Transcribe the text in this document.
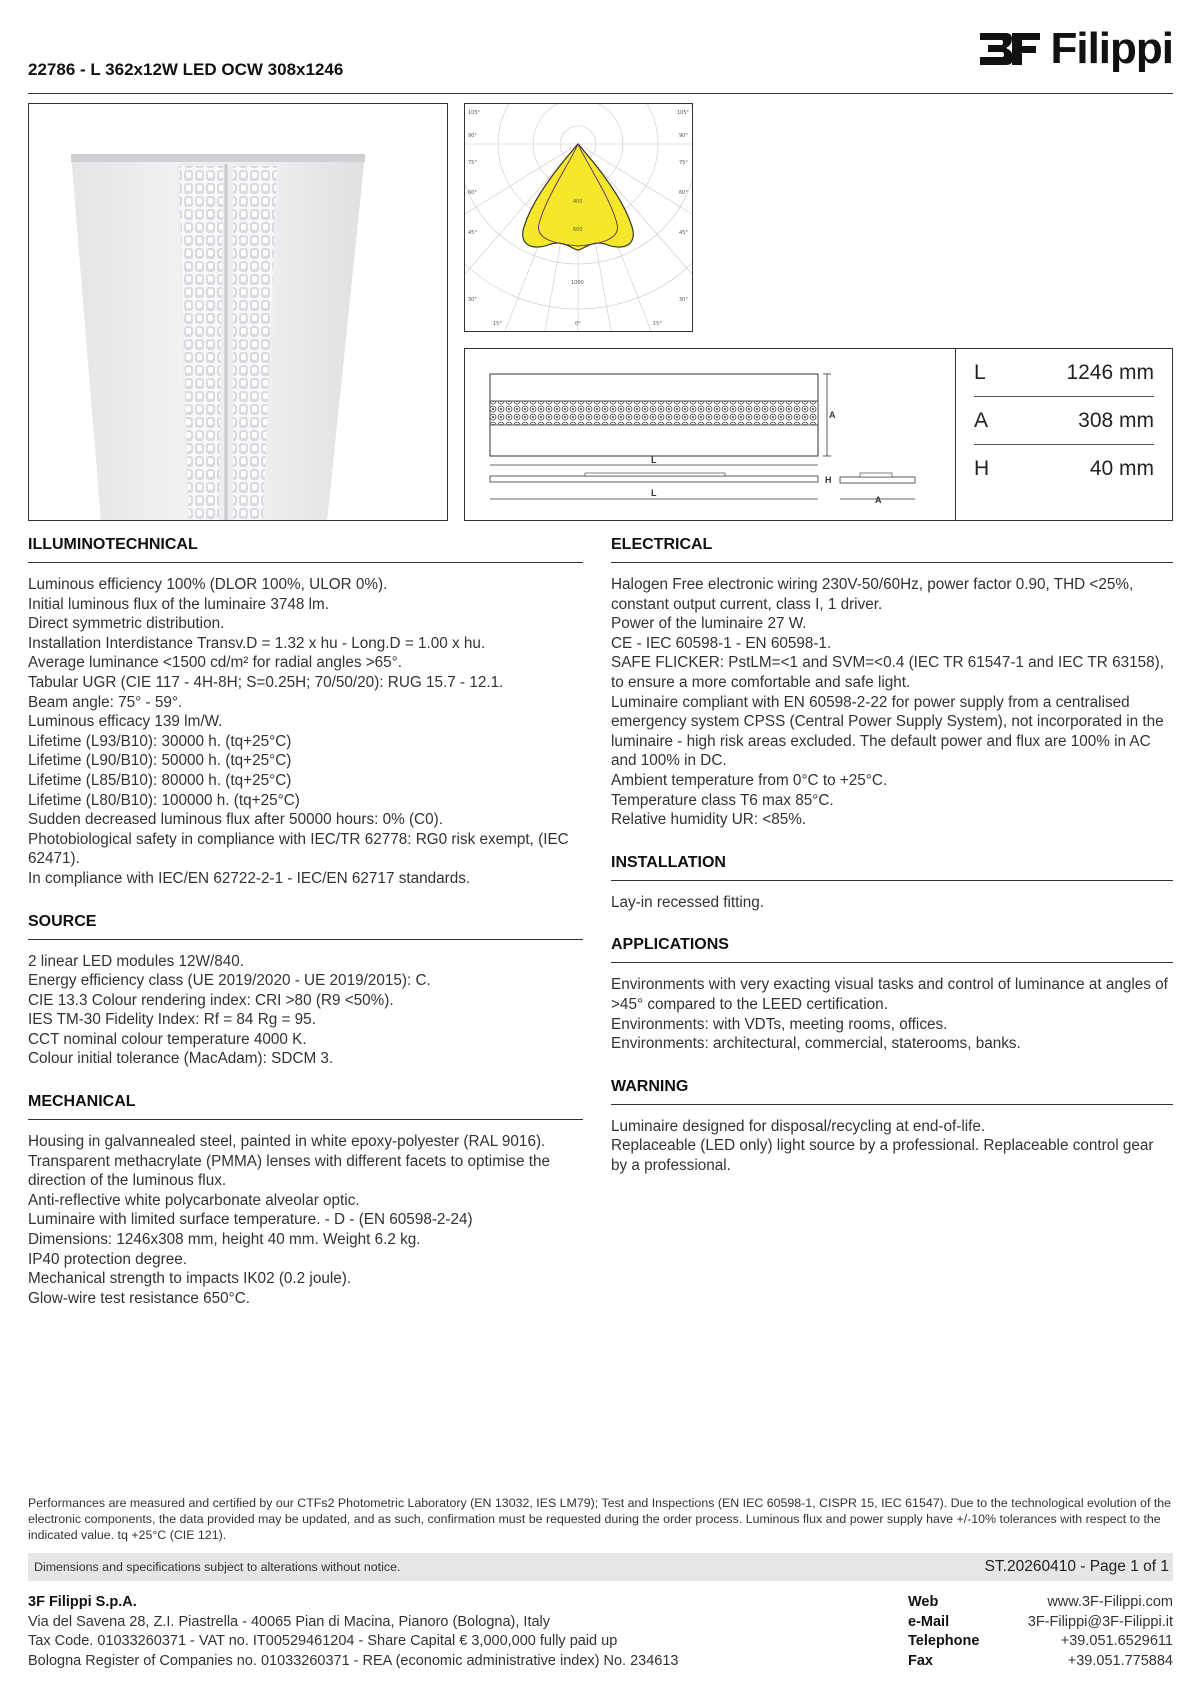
22786 - L 362x12W LED OCW 308x1246	Filippi
105°
90°
75°
60°
45°
30°
105°
90°
75°
60°
45°
30°
15°	0°	15°
400
600
1000
A
L
L
H
A
L	1246 mm
A	308 mm
H	40 mm
ILLUMINOTECHNICAL
Luminous efficiency 100% (DLOR 100%, ULOR 0%).
Initial luminous flux of the luminaire 3748 lm.
Direct symmetric distribution.
Installation Interdistance Transv.D = 1.32 x hu - Long.D = 1.00 x hu.
Average luminance <1500 cd/m² for radial angles >65°.
Tabular UGR (CIE 117 - 4H-8H; S=0.25H; 70/50/20): RUG 15.7 - 12.1.
Beam angle: 75° - 59°.
Luminous efficacy 139 lm/W.
Lifetime (L93/B10): 30000 h. (tq+25°C)
Lifetime (L90/B10): 50000 h. (tq+25°C)
Lifetime (L85/B10): 80000 h. (tq+25°C)
Lifetime (L80/B10): 100000 h. (tq+25°C)
Sudden decreased luminous flux after 50000 hours: 0% (C0).
Photobiological safety in compliance with IEC/TR 62778: RG0 risk exempt, (IEC 62471).
In compliance with IEC/EN 62722-2-1 - IEC/EN 62717 standards.
SOURCE
2 linear LED modules 12W/840.
Energy efficiency class (UE 2019/2020 - UE 2019/2015): C.
CIE 13.3 Colour rendering index: CRI >80 (R9 <50%).
IES TM-30 Fidelity Index: Rf = 84 Rg = 95.
CCT nominal colour temperature 4000 K.
Colour initial tolerance (MacAdam): SDCM 3.
MECHANICAL
Housing in galvannealed steel, painted in white epoxy-polyester (RAL 9016).
Transparent methacrylate (PMMA) lenses with different facets to optimise the direction of the luminous flux.
Anti-reflective white polycarbonate alveolar optic.
Luminaire with limited surface temperature. - D - (EN 60598-2-24)
Dimensions: 1246x308 mm, height 40 mm. Weight 6.2 kg.
IP40 protection degree.
Mechanical strength to impacts IK02 (0.2 joule).
Glow-wire test resistance 650°C.
ELECTRICAL
Halogen Free electronic wiring 230V-50/60Hz, power factor 0.90, THD <25%, constant output current, class I, 1 driver.
Power of the luminaire 27 W.
CE - IEC 60598-1 - EN 60598-1.
SAFE FLICKER: PstLM=<1 and SVM=<0.4 (IEC TR 61547-1 and IEC TR 63158), to ensure a more comfortable and safe light.
Luminaire compliant with EN 60598-2-22 for power supply from a centralised emergency system CPSS (Central Power Supply System), not incorporated in the luminaire - high risk areas excluded. The default power and flux are 100% in AC and 100% in DC.
Ambient temperature from 0°C to +25°C.
Temperature class T6 max 85°C.
Relative humidity UR: <85%.
INSTALLATION
Lay-in recessed fitting.
APPLICATIONS
Environments with very exacting visual tasks and control of luminance at angles of >45° compared to the LEED certification.
Environments: with VDTs, meeting rooms, offices.
Environments: architectural, commercial, staterooms, banks.
WARNING
Luminaire designed for disposal/recycling at end-of-life.
Replaceable (LED only) light source by a professional. Replaceable control gear by a professional.
Performances are measured and certified by our CTFs2 Photometric Laboratory (EN 13032, IES LM79); Test and Inspections (EN IEC 60598-1, CISPR 15, IEC 61547). Due to the technological evolution of the electronic components, the data provided may be updated, and as such, confirmation must be requested during the order process. Luminous flux and power supply have +/-10% tolerances with respect to the indicated value. tq +25°C (CIE 121).
Dimensions and specifications subject to alterations without notice.	ST.20260410 - Page 1 of 1
3F Filippi S.p.A.
Via del Savena 28, Z.I. Piastrella - 40065 Pian di Macina, Pianoro (Bologna), Italy
Tax Code. 01033260371 - VAT no. IT00529461204 - Share Capital € 3,000,000 fully paid up
Bologna Register of Companies no. 01033260371 - REA (economic administrative index) No. 234613
Web	www.3F-Filippi.com
e-Mail	3F-Filippi@3F-Filippi.it
Telephone	+39.051.6529611
Fax	+39.051.775884
